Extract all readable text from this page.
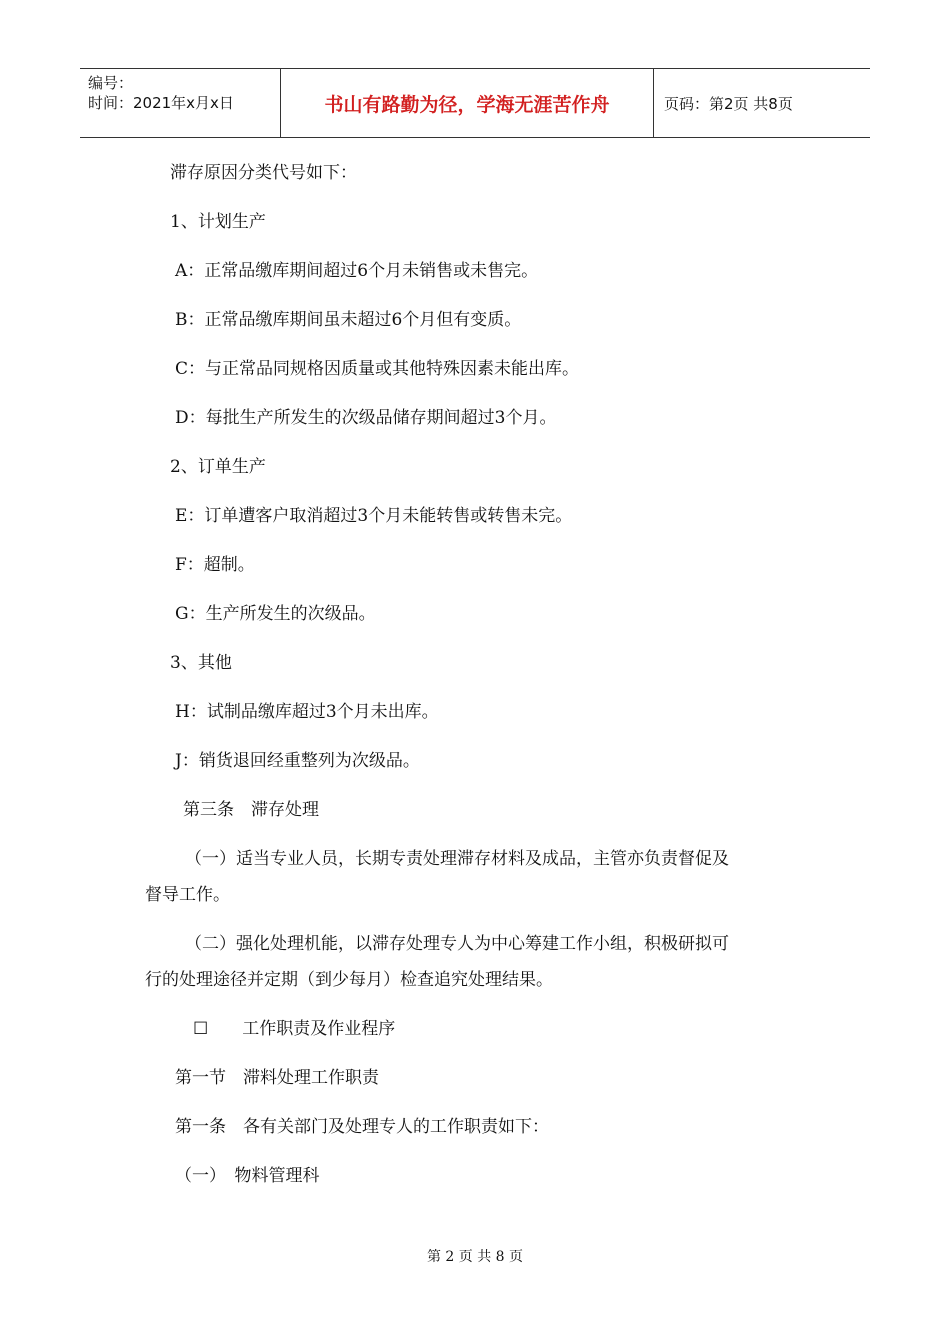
编号：
时间：2021年x月x日	书山有路勤为径，学海无涯苦作舟	页码：第2页 共8页
滞存原因分类代号如下：
1、计划生产
A：正常品缴库期间超过6个月未销售或未售完。
B：正常品缴库期间虽未超过6个月但有变质。
C：与正常品同规格因质量或其他特殊因素未能出库。
D：每批生产所发生的次级品储存期间超过3个月。
2、订单生产
E：订单遭客户取消超过3个月未能转售或转售未完。
F：超制。
G：生产所发生的次级品。
3、其他
H：试制品缴库超过3个月未出库。
J：销货退回经重整列为次级品。
第三条　滞存处理
（一）适当专业人员，长期专责处理滞存材料及成品，主管亦负责督促及
督导工作。
（二）强化处理机能，以滞存处理专人为中心筹建工作小组，积极研拟可
行的处理途径并定期（到少每月）检查追究处理结果。
☐　　工作职责及作业程序
第一节　滞料处理工作职责
第一条　各有关部门及处理专人的工作职责如下：
（一）　物料管理科
第 2 页 共 8 页
